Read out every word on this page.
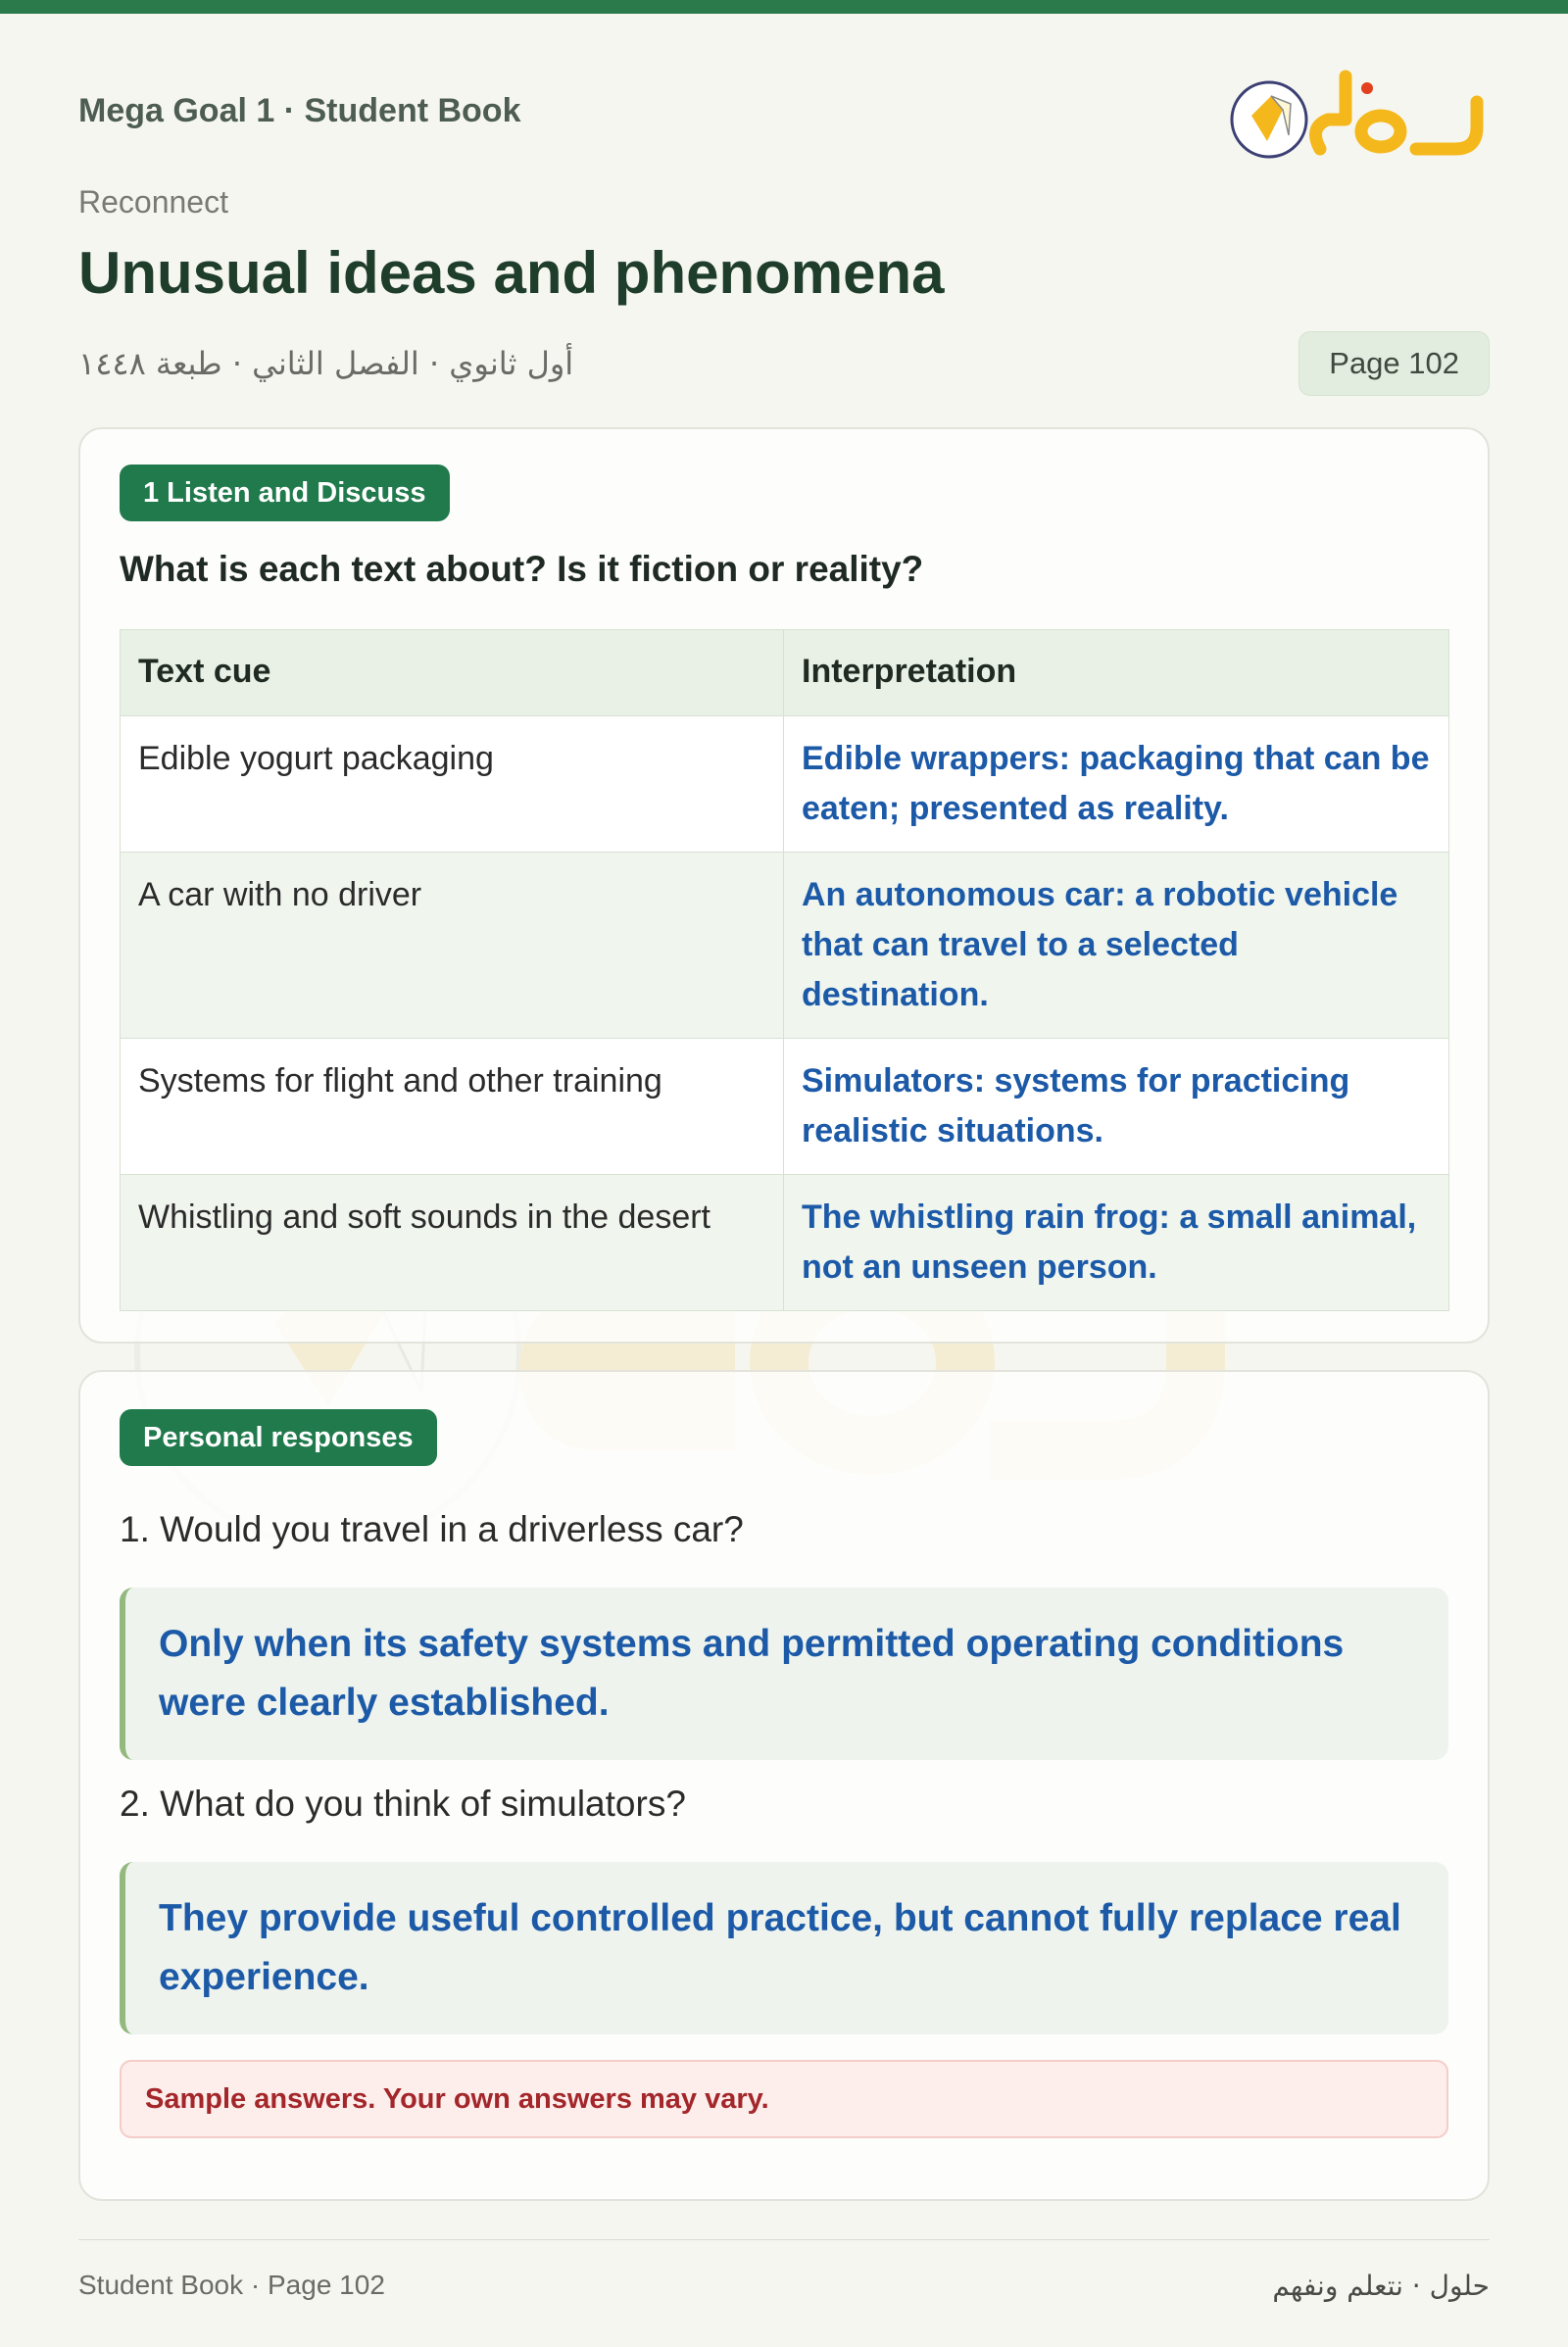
Mega Goal 1 · Student Book
Reconnect
Unusual ideas and phenomena
أول ثانوي · الفصل الثاني · طبعة ١٤٤٨	Page 102
1 Listen and Discuss
What is each text about? Is it fiction or reality?
Text cue	Interpretation
Edible yogurt packaging	Edible wrappers: packaging that can be eaten; presented as reality.
A car with no driver	An autonomous car: a robotic vehicle that can travel to a selected destination.
Systems for flight and other training	Simulators: systems for practicing realistic situations.
Whistling and soft sounds in the desert	The whistling rain frog: a small animal, not an unseen person.
Personal responses
1. Would you travel in a driverless car?
Only when its safety systems and permitted operating conditions were clearly established.
2. What do you think of simulators?
They provide useful controlled practice, but cannot fully replace real experience.
Sample answers. Your own answers may vary.
Student Book · Page 102	حلول · نتعلم ونفهم
